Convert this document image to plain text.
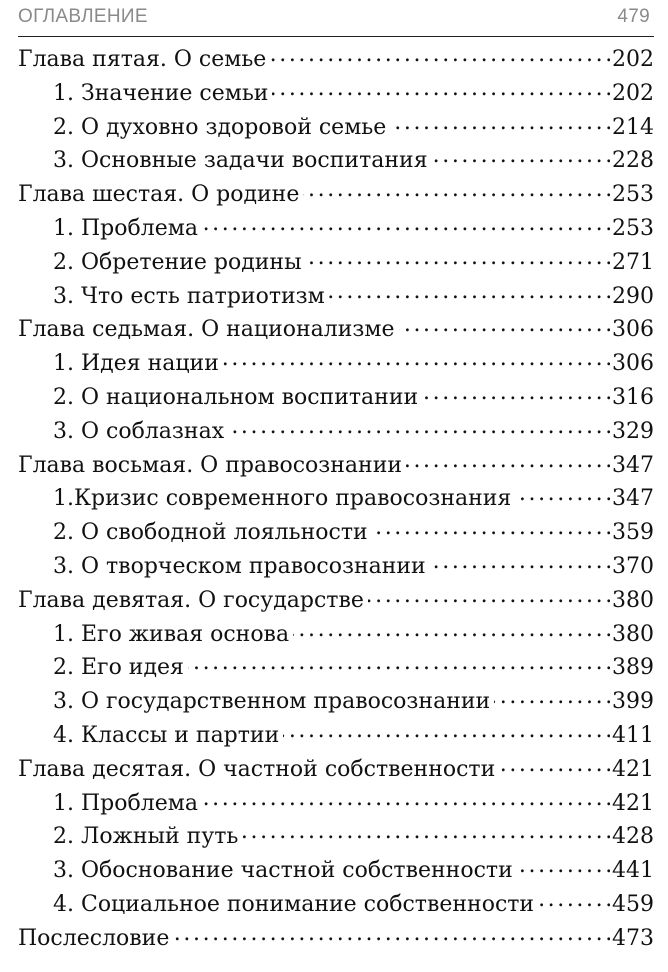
ОГЛАВЛЕНИЕ	479
Глава пятая. О семье . . .	202
1. Значение семьи . . .	202
2. О духовно здоровой семье . . .	214
3. Основные задачи воспитания . . .	228
Глава шестая. О родине . . .	253
1. Проблема . . .	253
2. Обретение родины . . .	271
3. Что есть патриотизм . . .	290
Глава седьмая. О национализме . . .	306
1. Идея нации . . .	306
2. О национальном воспитании . . .	316
3. О соблазнах . . .	329
Глава восьмая. О правосознании . . .	347
1.Кризис современного правосознания . . .	347
2. О свободной лояльности . . .	359
3. О творческом правосознании . . .	370
Глава девятая. О государстве . . .	380
1. Его живая основа . . .	380
2. Его идея . . .	389
3. О государственном правосознании . . .	399
4. Классы и партии . . .	411
Глава десятая. О частной собственности . . .	421
1. Проблема . . .	421
2. Ложный путь . . .	428
3. Обоснование частной собственности . . .	441
4. Социальное понимание собственности . . .	459
Послесловие . . .	473
